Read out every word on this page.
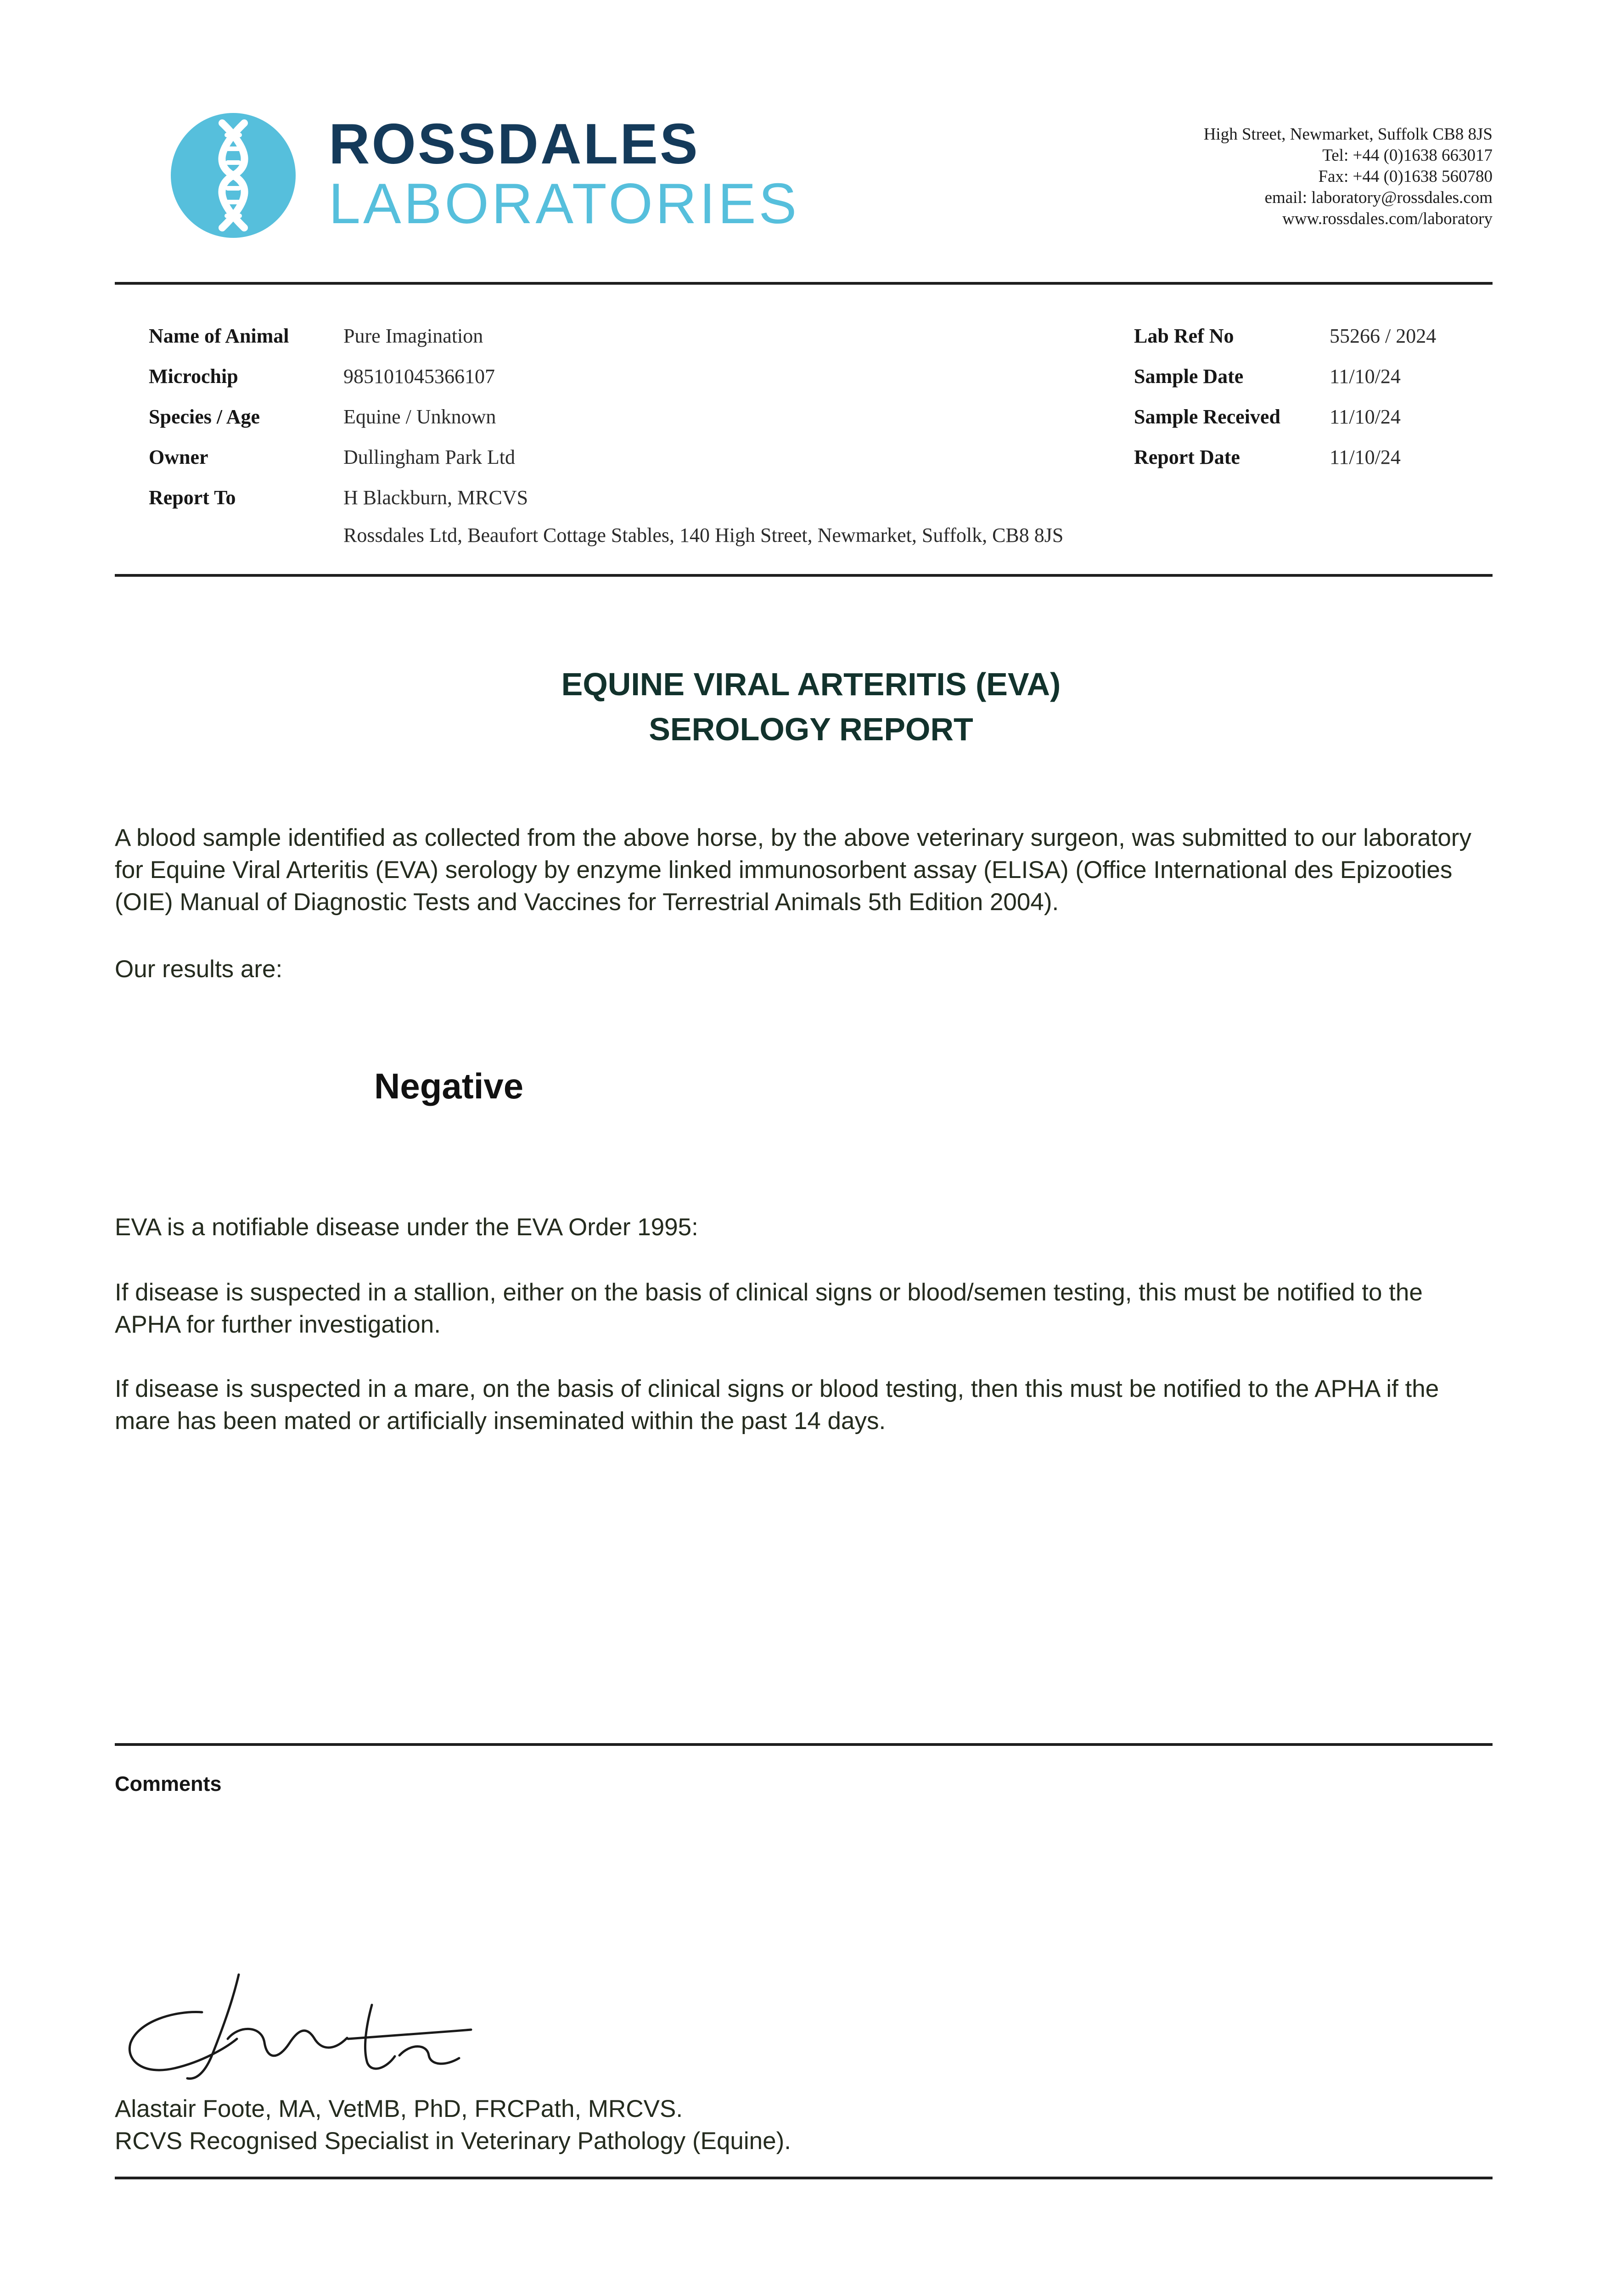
ROSSDALES
LABORATORIES
High Street, Newmarket, Suffolk CB8 8JS
Tel: +44 (0)1638 663017
Fax: +44 (0)1638 560780
email: laboratory@rossdales.com
www.rossdales.com/laboratory
Name of Animal	Pure Imagination
Microchip	985101045366107
Species / Age	Equine / Unknown
Owner	Dullingham Park Ltd
Report To	H Blackburn, MRCVS
Rossdales Ltd, Beaufort Cottage Stables, 140 High Street, Newmarket, Suffolk, CB8 8JS
Lab Ref No	55266 / 2024
Sample Date	11/10/24
Sample Received 11/10/24
Report Date	11/10/24
EQUINE VIRAL ARTERITIS (EVA)
SEROLOGY REPORT
A blood sample identified as collected from the above horse, by the above veterinary surgeon, was submitted to our laboratory for Equine Viral Arteritis (EVA) serology by enzyme linked immunosorbent assay (ELISA) (Office International des Epizooties (OIE) Manual of Diagnostic Tests and Vaccines for Terrestrial Animals 5th Edition 2004).
Our results are:
Negative
EVA is a notifiable disease under the EVA Order 1995:
If disease is suspected in a stallion, either on the basis of clinical signs or blood/semen testing, this must be notified to the APHA for further investigation.
If disease is suspected in a mare, on the basis of clinical signs or blood testing, then this must be notified to the APHA if the mare has been mated or artificially inseminated within the past 14 days.
Comments
Alastair Foote, MA, VetMB, PhD, FRCPath, MRCVS.
RCVS Recognised Specialist in Veterinary Pathology (Equine).
